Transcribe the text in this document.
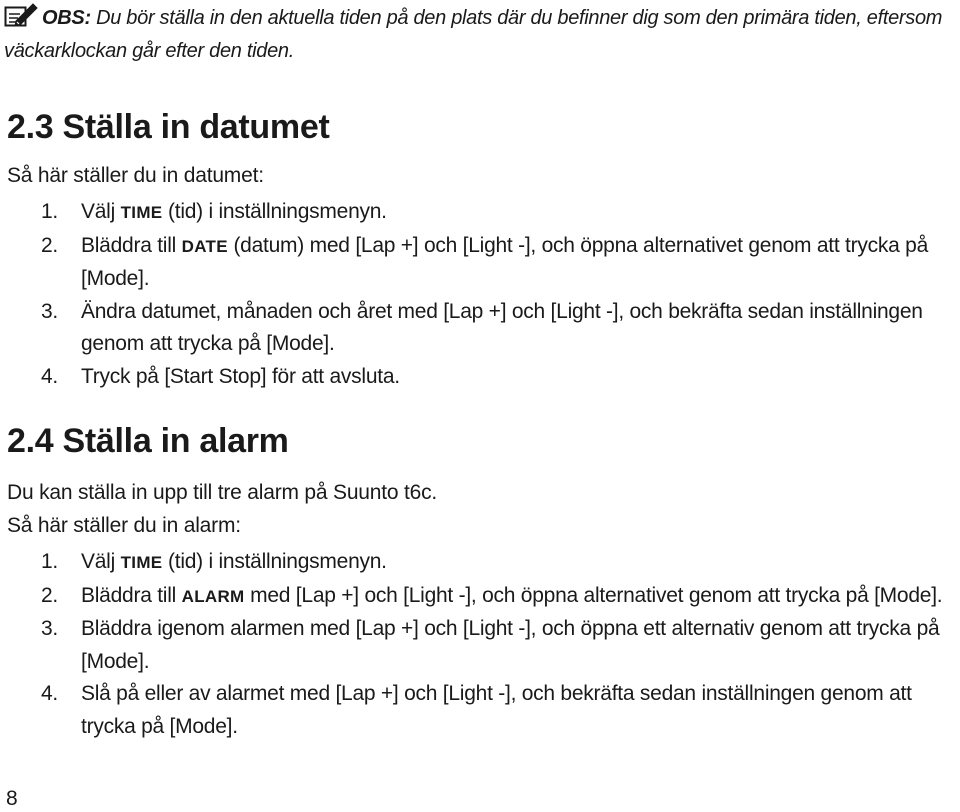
OBS: Du bör ställa in den aktuella tiden på den plats där du befinner dig som den primära tiden, eftersom väckarklockan går efter den tiden.
2.3 Ställa in datumet

Så här ställer du in datumet:

1. Välj TIME (tid) i inställningsmenyn.
2. Bläddra till DATE (datum) med [Lap +] och [Light -], och öppna alternativet genom att trycka på [Mode].
3. Ändra datumet, månaden och året med [Lap +] och [Light -], och bekräfta sedan inställningen genom att trycka på [Mode].
4. Tryck på [Start Stop] för att avsluta.
2.4 Ställa in alarm

Du kan ställa in upp till tre alarm på Suunto t6c.

Så här ställer du in alarm:

1. Välj TIME (tid) i inställningsmenyn.
2. Bläddra till ALARM med [Lap +] och [Light -], och öppna alternativet genom att trycka på [Mode].
3. Bläddra igenom alarmen med [Lap +] och [Light -], och öppna ett alternativ genom att trycka på [Mode].
4. Slå på eller av alarmet med [Lap +] och [Light -], och bekräfta sedan inställningen genom att trycka på [Mode].
8
